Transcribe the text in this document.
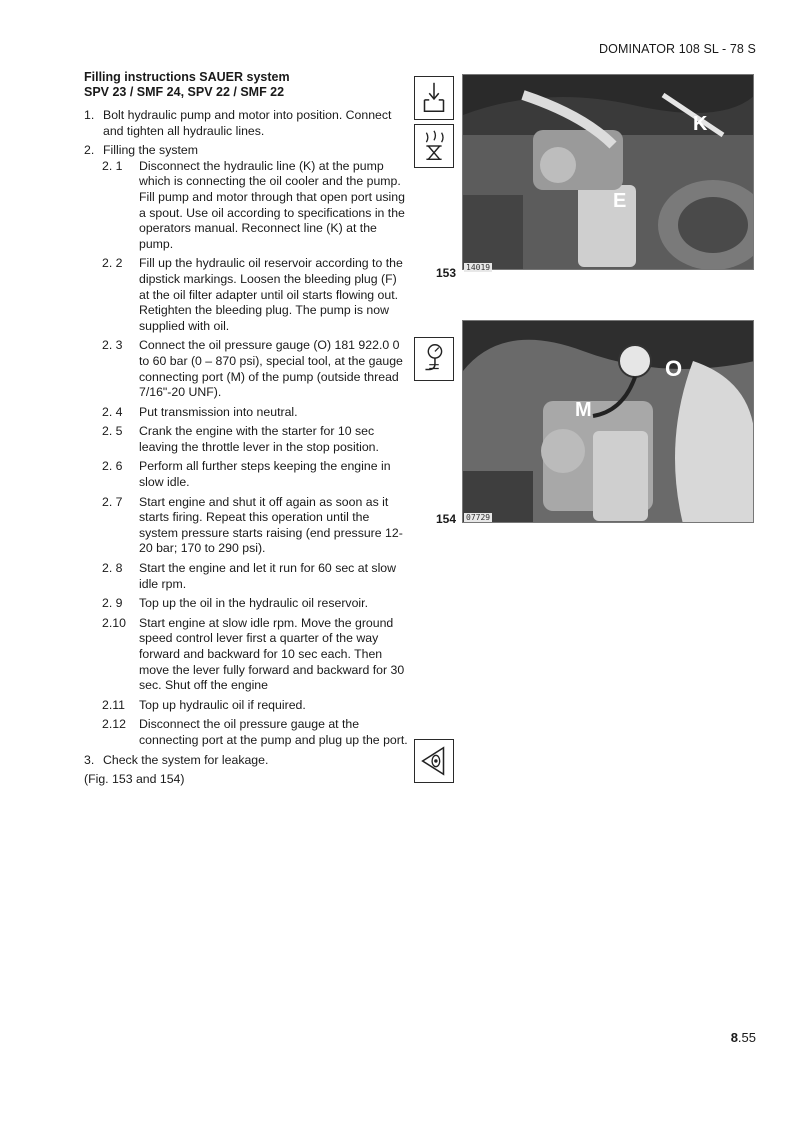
DOMINATOR 108 SL - 78 S
Filling instructions SAUER system
SPV 23 / SMF 24, SPV 22 / SMF 22
1. Bolt hydraulic pump and motor into position. Connect and tighten all hydraulic lines.
2. Filling the system
2. 1	Disconnect the hydraulic line (K) at the pump which is connecting the oil cooler and the pump. Fill pump and motor through that open port using a spout. Use oil according to specifications in the operators manual. Reconnect line (K) at the pump.
2. 2	Fill up the hydraulic oil reservoir according to the dipstick markings. Loosen the bleeding plug (F) at the oil filter adapter until oil starts flowing out. Retighten the bleeding plug. The pump is now supplied with oil.
2. 3	Connect the oil pressure gauge (O) 181 922.0 0 to 60 bar (0 – 870 psi), special tool, at the gauge connecting port (M) of the pump (outside thread 7/16"-20 UNF).
2. 4	Put transmission into neutral.
2. 5	Crank the engine with the starter for 10 sec leaving the throttle lever in the stop position.
2. 6	Perform all further steps keeping the engine in slow idle.
2. 7	Start engine and shut it off again as soon as it starts firing. Repeat this operation until the system pressure starts raising (end pressure 12-20 bar; 170 to 290 psi).
2. 8	Start the engine and let it run for 60 sec at slow idle rpm.
2. 9	Top up the oil in the hydraulic oil reservoir.
2.10	Start engine at slow idle rpm. Move the ground speed control lever first a quarter of the way forward and backward for 10 sec each. Then move the lever fully forward and backward for 30 sec. Shut off the engine
2.11	Top up hydraulic oil if required.
2.12	Disconnect the oil pressure gauge at the connecting port at the pump and plug up the port.
3. Check the system for leakage.
(Fig. 153 and 154)
K
E
153 14019
O
M
154 07729
8.55
